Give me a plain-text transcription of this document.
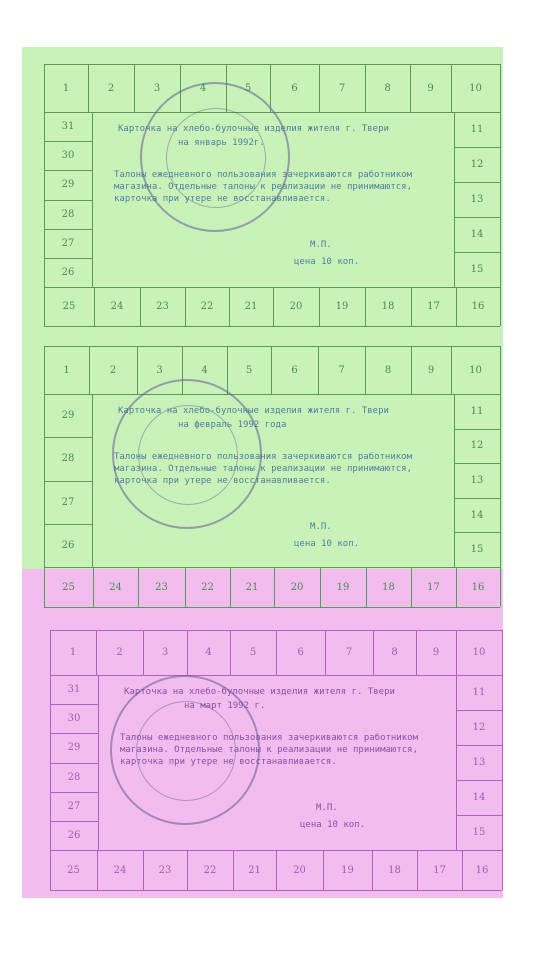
1	2	3	4	5	6	7	8	9	10
25	24	23	22	21	20	19	18	17	16
31
30
29
28
27
26
11
12
13
14
15
Карточка на хлебо-булочные изделия жителя г. Твери
на январь 1992г.
Талоны ежедневного пользования зачеркиваются работником
магазина. Отдельные талоны к реализации не принимаются,
карточка при утере не восстанавливается.
М.П.
цена 10 коп.
1	2	3	4	5	6	7	8	9	10
25	24	23	22	21	20	19	18	17	16
29
28
27
26
11
12
13
14
15
Карточка на хлебо-булочные изделия жителя г. Твери
на февраль 1992 года
Талоны ежедневного пользования зачеркиваются работником
магазина. Отдельные талоны к реализации не принимаются,
карточка при утере не восстанавливается.
М.П.
цена 10 коп.
1	2	3	4	5	6	7	8	9	10
25	24	23	22	21	20	19	18	17	16
31
30
29
28
27
26
11
12
13
14
15
Карточка на хлебо-булочные изделия жителя г. Твери
на март 1992 г.
Талоны ежедневного пользования зачеркиваются работником
магазина. Отдельные талоны к реализации не принимаются,
карточка при утере не восстанавливается.
М.П.
цена 10 коп.
